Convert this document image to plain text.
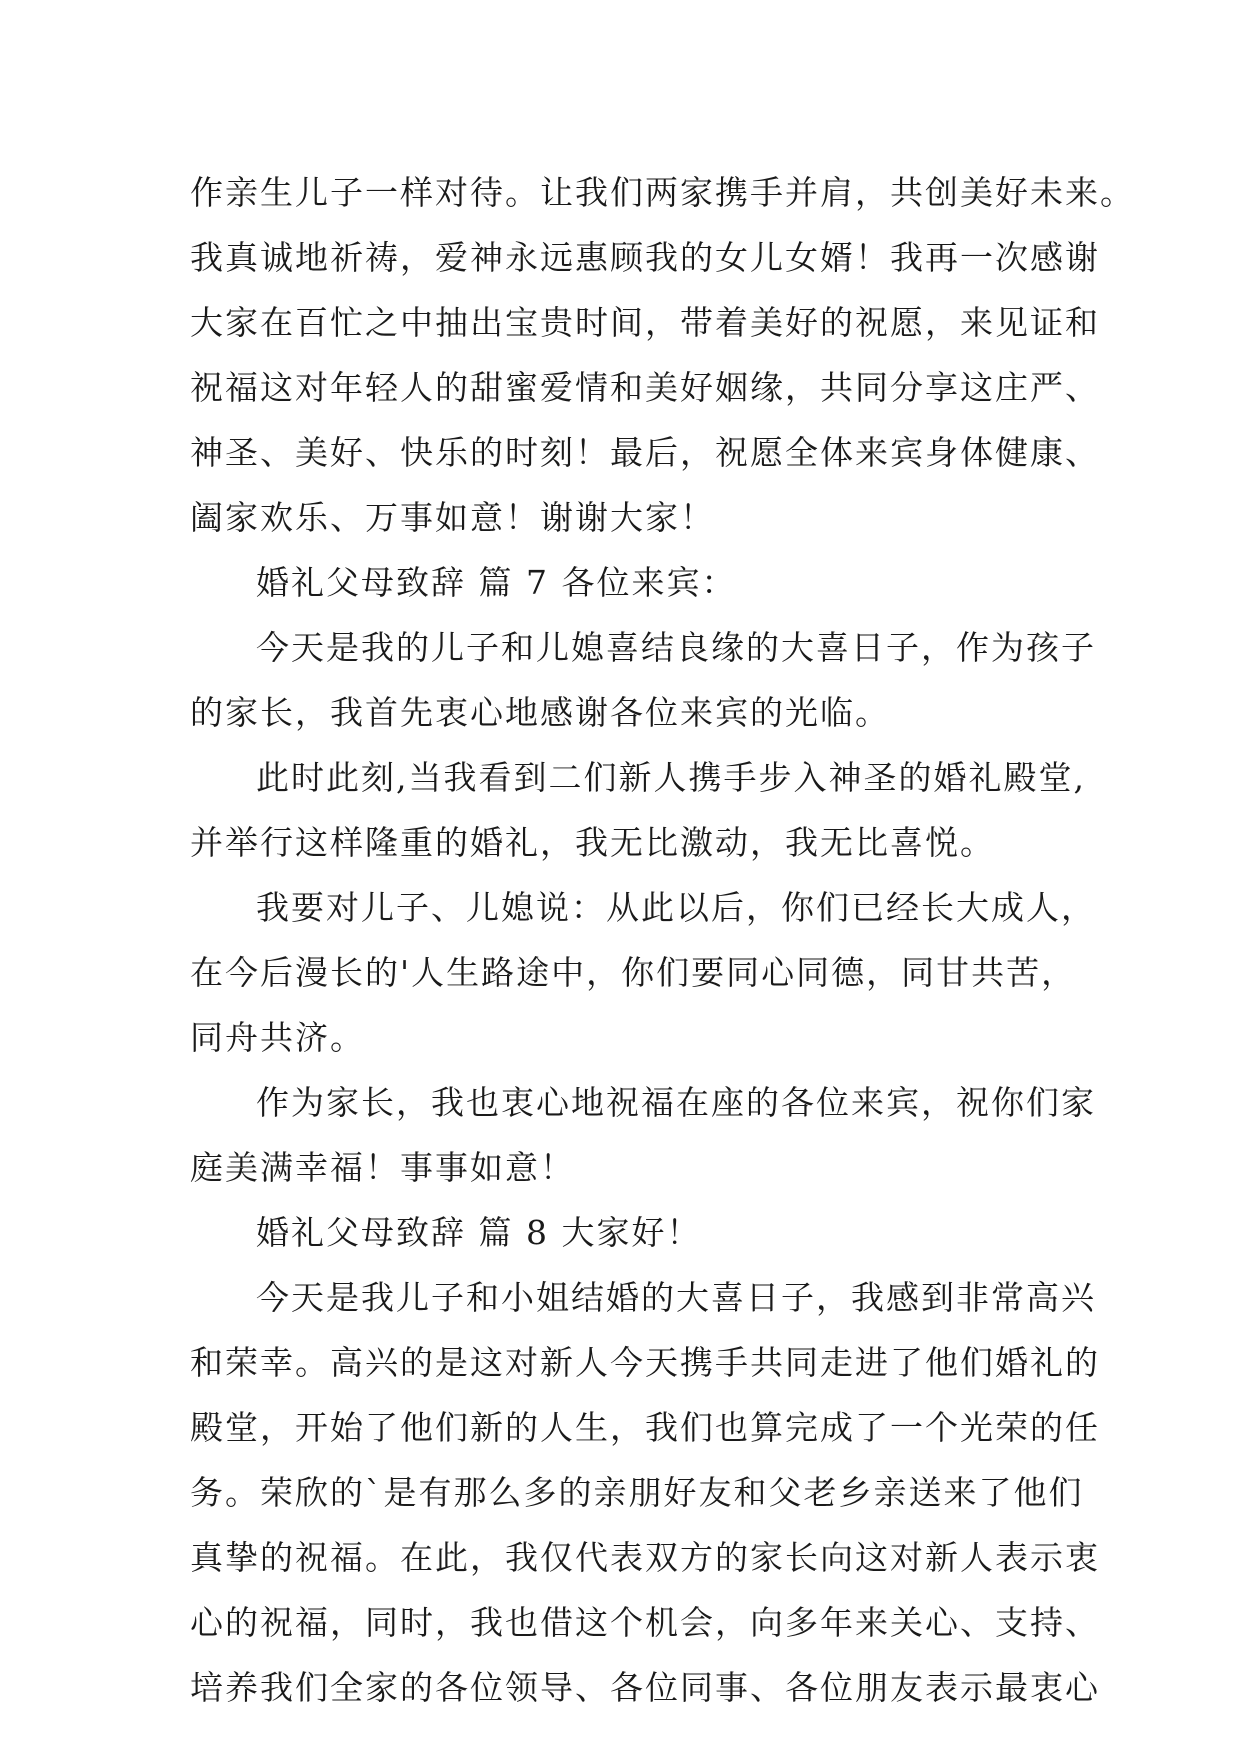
作亲生儿子一样对待。让我们两家携手并肩，共创美好未来。
我真诚地祈祷，爱神永远惠顾我的女儿女婿！我再一次感谢
大家在百忙之中抽出宝贵时间，带着美好的祝愿，来见证和
祝福这对年轻人的甜蜜爱情和美好姻缘，共同分享这庄严、
神圣、美好、快乐的时刻！最后，祝愿全体来宾身体健康、
阖家欢乐、万事如意！谢谢大家！
婚礼父母致辞 篇 7 各位来宾：
今天是我的儿子和儿媳喜结良缘的大喜日子，作为孩子
的家长，我首先衷心地感谢各位来宾的光临。
此时此刻,当我看到二们新人携手步入神圣的婚礼殿堂,
并举行这样隆重的婚礼，我无比激动，我无比喜悦。
我要对儿子、儿媳说：从此以后，你们已经长大成人，
在今后漫长的'人生路途中，你们要同心同德，同甘共苦，
同舟共济。
作为家长，我也衷心地祝福在座的各位来宾，祝你们家
庭美满幸福！事事如意！
婚礼父母致辞 篇 8 大家好！
今天是我儿子和小姐结婚的大喜日子，我感到非常高兴
和荣幸。高兴的是这对新人今天携手共同走进了他们婚礼的
殿堂，开始了他们新的人生，我们也算完成了一个光荣的任
务。荣欣的`是有那么多的亲朋好友和父老乡亲送来了他们
真挚的祝福。在此，我仅代表双方的家长向这对新人表示衷
心的祝福，同时，我也借这个机会，向多年来关心、支持、
培养我们全家的各位领导、各位同事、各位朋友表示最衷心
